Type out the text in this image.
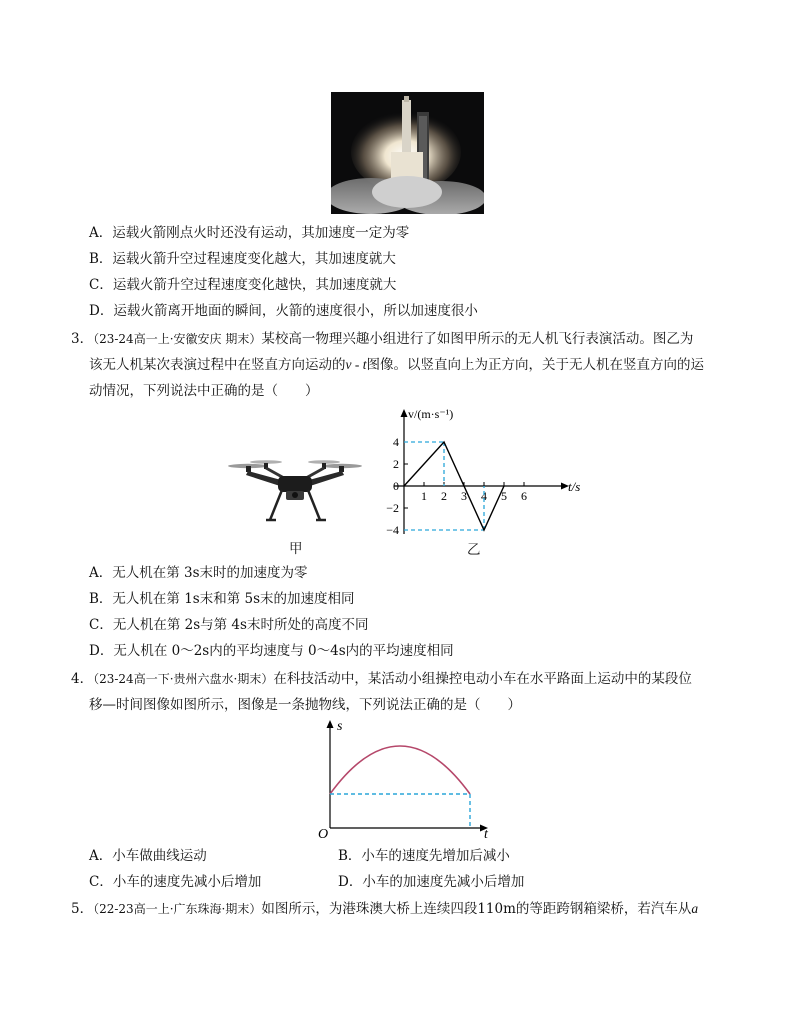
A．运载火箭刚点火时还没有运动，其加速度一定为零
B．运载火箭升空过程速度变化越大，其加速度就大
C．运载火箭升空过程速度变化越快，其加速度就大
D．运载火箭离开地面的瞬间，火箭的速度很小，所以加速度很小
3．（23-24高一上·安徽安庆 期末）某校高一物理兴趣小组进行了如图甲所示的无人机飞行表演活动。图乙为
该无人机某次表演过程中在竖直方向运动的v - t图像。以竖直向上为正方向，关于无人机在竖直方向的运
动情况，下列说法中正确的是（　　）
甲
v/(m·s⁻¹)
t/s
4
2
0
−2
−4
1 2 3 4 5 6
乙
A．无人机在第 3s末时的加速度为零
B．无人机在第 1s末和第 5s末的加速度相同
C．无人机在第 2s与第 4s末时所处的高度不同
D．无人机在 0～2s内的平均速度与 0～4s内的平均速度相同
4．（23-24高一下·贵州六盘水·期末）在科技活动中，某活动小组操控电动小车在水平路面上运动中的某段位
移—时间图像如图所示，图像是一条抛物线，下列说法正确的是（　　）
s
t
O
A．小车做曲线运动	B．小车的速度先增加后减小
C．小车的速度先减小后增加	D．小车的加速度先减小后增加
5．（22-23高一上·广东珠海·期末）如图所示，为港珠澳大桥上连续四段110m的等距跨钢箱梁桥，若汽车从a
